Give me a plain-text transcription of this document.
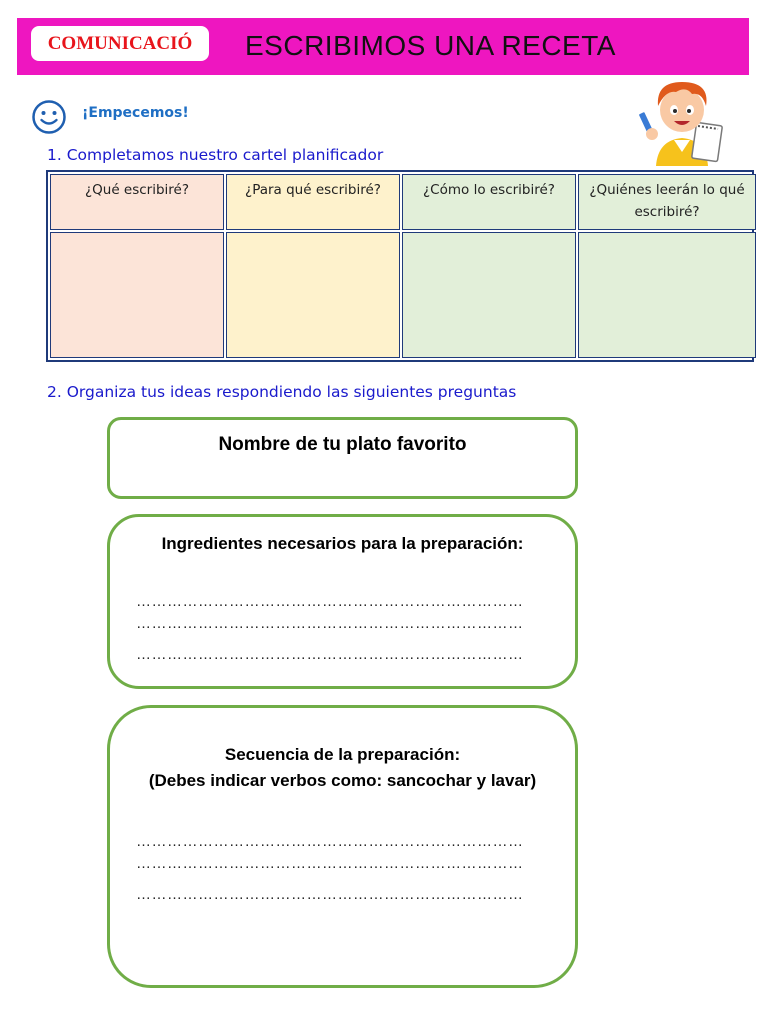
COMUNICACIÓ	ESCRIBIMOS UNA RECETA
¡Empecemos!
1. Completamos nuestro cartel planificador
¿Qué escribiré?	¿Para qué escribiré?	¿Cómo lo escribiré?	¿Quiénes leerán lo qué escribiré?
2. Organiza tus ideas respondiendo las siguientes preguntas
Nombre de tu plato favorito
Ingredientes necesarios para la preparación:
…………………………………………………………………
…………………………………………………………………
…………………………………………………………………
Secuencia de la preparación:
(Debes indicar verbos como: sancochar y lavar)
…………………………………………………………………
…………………………………………………………………
…………………………………………………………………
